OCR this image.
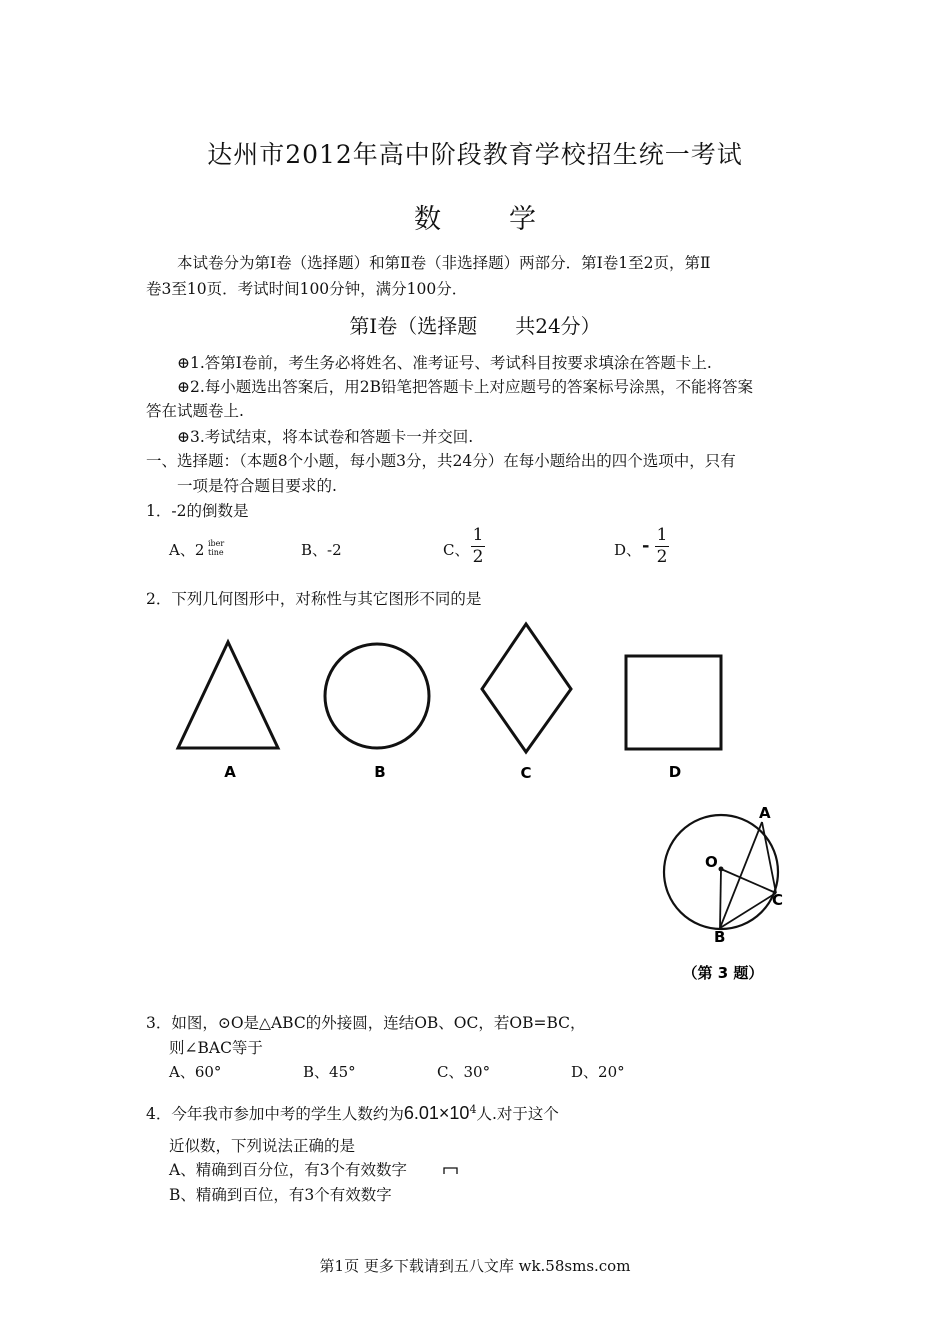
达州市2012年高中阶段教育学校招生统一考试
数	学
本试卷分为第Ⅰ卷（选择题）和第Ⅱ卷（非选择题）两部分．第Ⅰ卷1至2页，第Ⅱ
卷3至10页．考试时间100分钟，满分100分．
第Ⅰ卷（选择题 共24分）
⊕1.答第Ⅰ卷前，考生务必将姓名、准考证号、考试科目按要求填涂在答题卡上.
⊕2.每小题选出答案后，用2B铅笔把答题卡上对应题号的答案标号涂黑，不能将答案
答在试题卷上.
⊕3.考试结束，将本试卷和答题卡一并交回.
一、选择题：（本题8个小题，每小题3分，共24分）在每小题给出的四个选项中，只有
一项是符合题目要求的.
1．-2的倒数是
A、2 iber
tine	B、-2	C、
1
2	D、 - 1
2
2．下列几何图形中，对称性与其它图形不同的是
A	B	C	D
O
A
B
C
（第 3 题）
3．如图，⊙O是△ABC的外接圆，连结OB、OC，若OB=BC，
则∠BAC等于
A、60°	B、45°	C、30°	D、20°
4．今年我市参加中考的学生人数约为$6.01\times 10^4$人.对于这个
近似数，下列说法正确的是
A、精确到百分位，有3个有效数字
B、精确到百位，有3个有效数字
第1页 更多下载请到五八文库 wk.58sms.com
